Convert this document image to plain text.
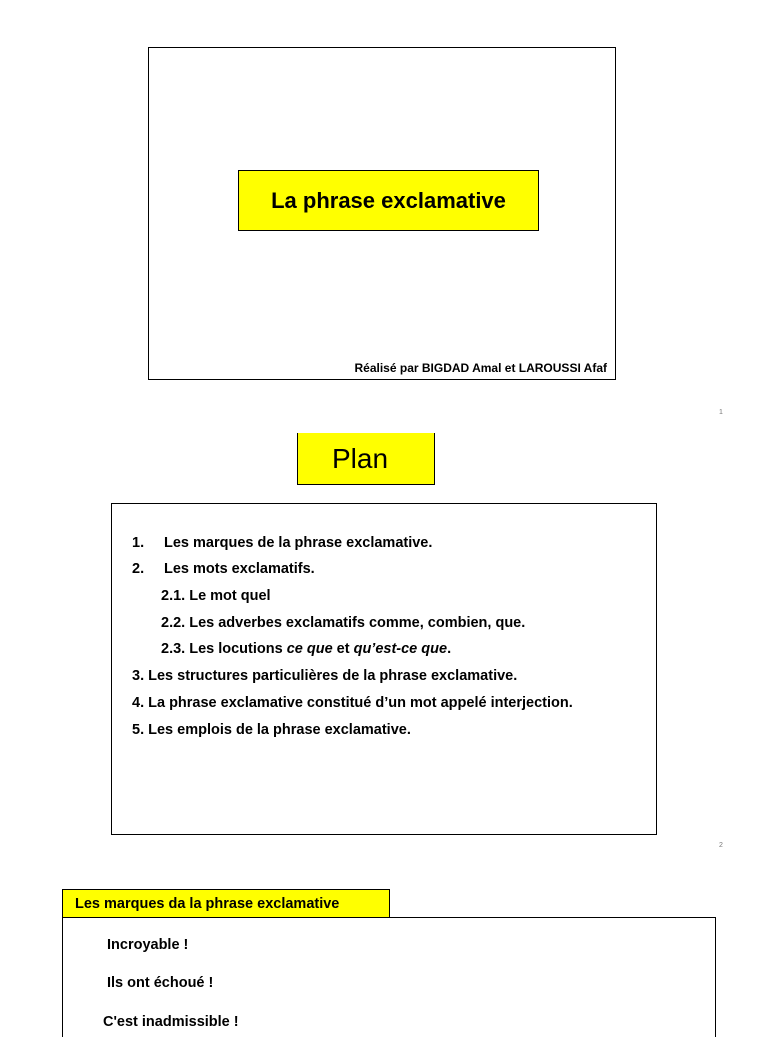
La phrase exclamative
Réalisé par BIGDAD Amal et LAROUSSI Afaf
1
Plan
1. Les marques de la phrase exclamative.
2. Les mots exclamatifs.
2.1. Le mot quel
2.2. Les adverbes exclamatifs comme, combien, que.
2.3. Les locutions ce que et qu’est-ce que.
3. Les structures particulières de la phrase exclamative.
4. La phrase exclamative constitué d’un mot appelé interjection.
5. Les emplois de la phrase exclamative.
2
Les marques da la phrase exclamative
Incroyable !
Ils ont échoué !
C'est inadmissible !
